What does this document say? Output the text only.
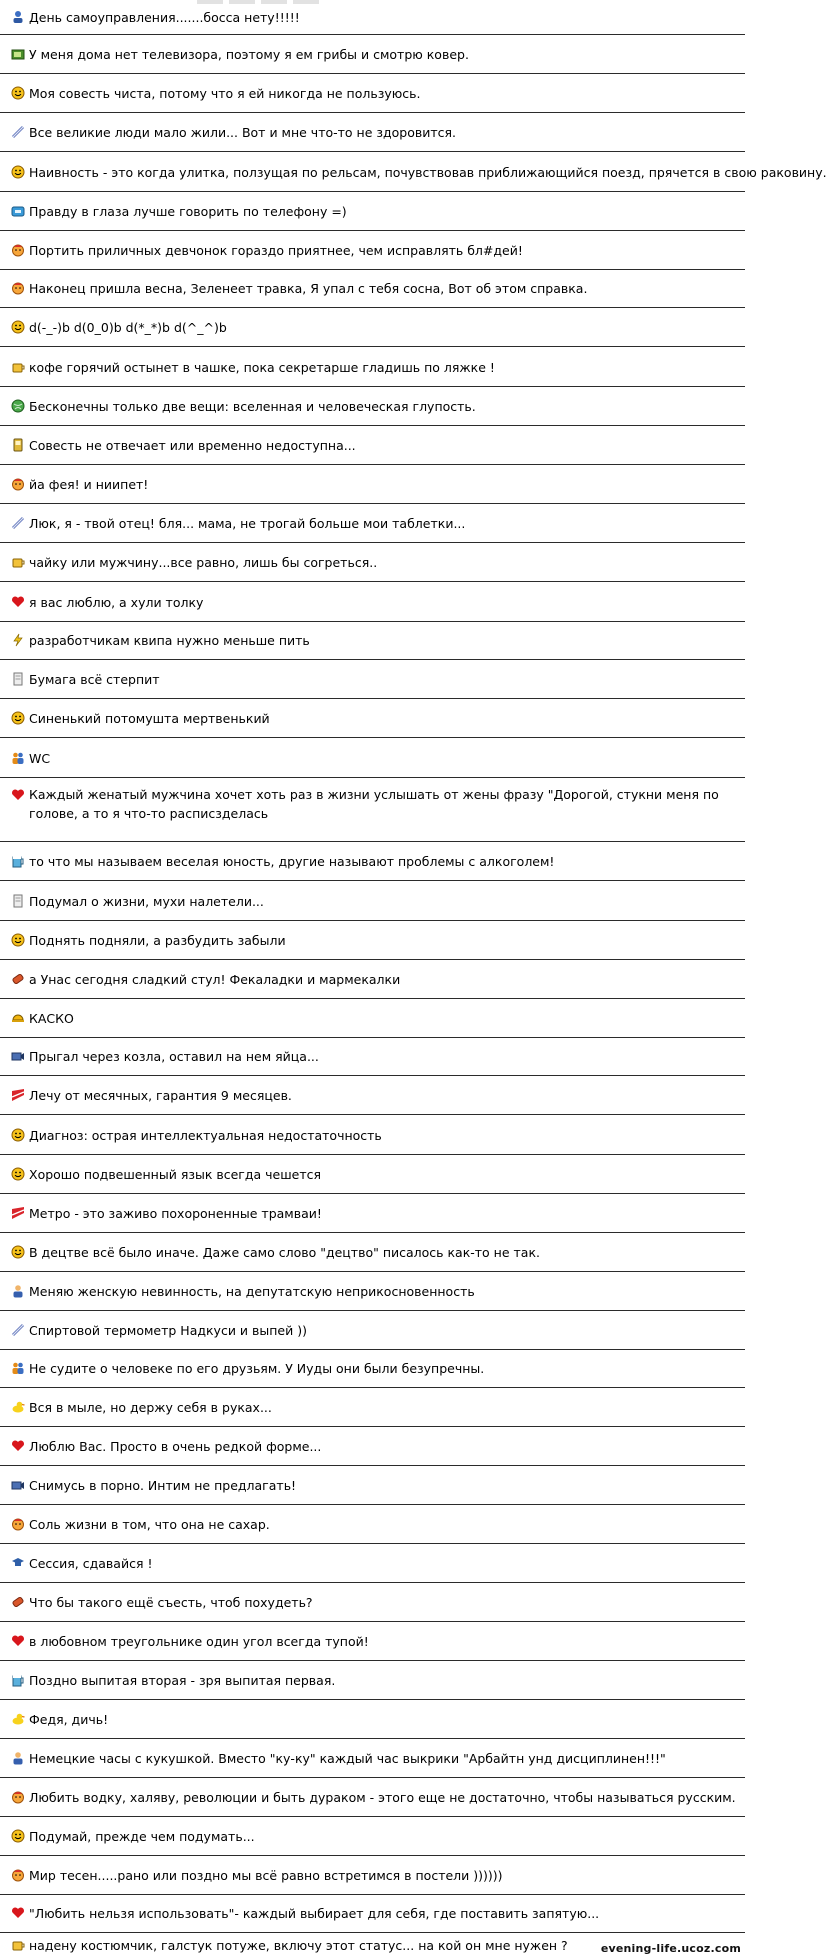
День самоуправления.......босса нету!!!!!
У меня дома нет телевизора, поэтому я ем грибы и смотрю ковер.
Моя совесть чиста, потому что я ей никогда не пользуюсь.
Все великие люди мало жили... Вот и мне что-то не здоровится.
Наивность - это когда улитка, ползущая по рельсам, почувствовав приближающийся поезд, прячется в свою раковину.
Правду в глаза лучше говорить по телефону =)
Портить приличных девчонок гораздо приятнее, чем исправлять бл#дей!
Наконец пришла весна, Зеленеет травка, Я упал с тебя сосна, Вот об этом справка.
d(-_-)b d(0_0)b d(*_*)b d(^_^)b
кофе горячий остынет в чашке, пока секретарше гладишь по ляжке !
Бесконечны только две вещи: вселенная и человеческая глупость.
Совесть не отвечает или временно недоступна...
йа фея! и ниипет!
Люк, я - твой отец! бля... мама, не трогай больше мои таблетки...
чайку или мужчину...все равно, лишь бы согреться..
я вас люблю, а хули толку
разработчикам квипа нужно меньше пить
Бумага всё стерпит
Синенький потомушта мертвенький
WC
Каждый женатый мужчина хочет хоть раз в жизни услышать от жены фразу "Дорогой, стукни меня по голове, а то я что-то расписзделась
то что мы называем веселая юность, другие называют проблемы с алкоголем!
Подумал о жизни, мухи налетели...
Поднять подняли, а разбудить забыли
а Унас сегодня сладкий стул! Фекаладки и мармекалки
КАСКО
Прыгал через козла, оставил на нем яйца...
Лечу от месячных, гарантия 9 месяцев.
Диагноз: острая интеллектуальная недостаточность
Хорошо подвешенный язык всегда чешется
Метро - это заживо похороненные трамваи!
В децтве всё было иначе. Даже само слово "децтво" писалось как-то не так.
Меняю женскую невинность, на депутатскую неприкосновенность
Спиртовой термометр Надкуси и выпей ))
Не судите о человеке по его друзьям. У Иуды они были безупречны.
Вся в мыле, но держу себя в руках...
Люблю Вас. Просто в очень редкой форме...
Снимусь в порно. Интим не предлагать!
Соль жизни в том, что она не сахар.
Сессия, сдавайся !
Что бы такого ещё съесть, чтоб похудеть?
в любовном треугольнике один угол всегда тупой!
Поздно выпитая вторая - зря выпитая первая.
Федя, дичь!
Немецкие часы с кукушкой. Вместо "ку-ку" каждый час выкрики "Арбайтн унд дисциплинен!!!"
Любить водку, халяву, революции и быть дураком - этого еще не достаточно, чтобы называться русским.
Подумай, прежде чем подумать...
Мир тесен.....рано или поздно мы всё равно встретимся в постели ))))))
"Любить нельзя использовать"- каждый выбирает для себя, где поставить запятую...
надену костюмчик, галстук потуже, включу этот статус... на кой он мне нужен ?	evening-life.ucoz.com
